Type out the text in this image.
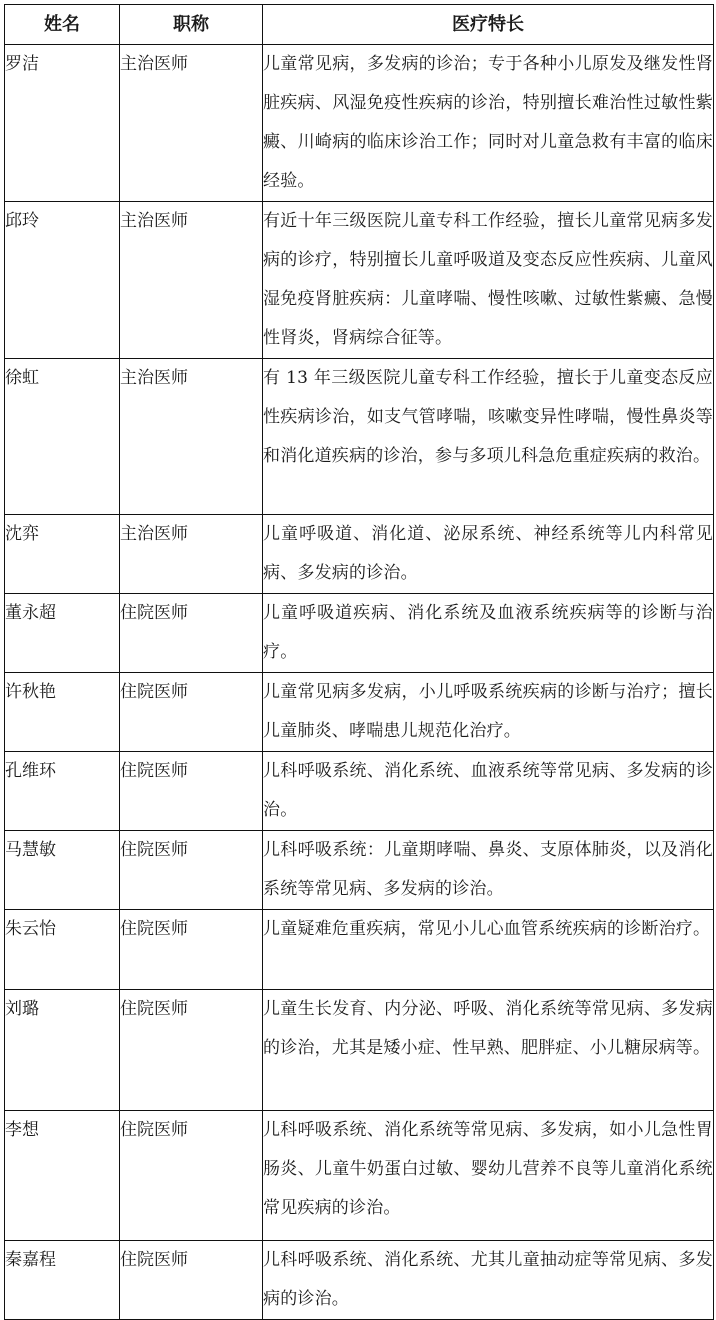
姓名	职称	医疗特长
罗洁	主治医师	儿童常见病，多发病的诊治；专于各种小儿原发及继发性肾脏疾病、风湿免疫性疾病的诊治，特别擅长难治性过敏性紫癜、川崎病的临床诊治工作；同时对儿童急救有丰富的临床经验。
邱玲	主治医师	有近十年三级医院儿童专科工作经验，擅长儿童常见病多发病的诊疗，特别擅长儿童呼吸道及变态反应性疾病、儿童风湿免疫肾脏疾病：儿童哮喘、慢性咳嗽、过敏性紫癜、急慢性肾炎，肾病综合征等。
徐虹	主治医师	有 13 年三级医院儿童专科工作经验，擅长于儿童变态反应性疾病诊治，如支气管哮喘，咳嗽变异性哮喘，慢性鼻炎等和消化道疾病的诊治，参与多项儿科急危重症疾病的救治。
沈弈	主治医师	儿童呼吸道、消化道、泌尿系统、神经系统等儿内科常见病、多发病的诊治。
董永超	住院医师	儿童呼吸道疾病、消化系统及血液系统疾病等的诊断与治疗。
许秋艳	住院医师	儿童常见病多发病，小儿呼吸系统疾病的诊断与治疗；擅长儿童肺炎、哮喘患儿规范化治疗。
孔维环	住院医师	儿科呼吸系统、消化系统、血液系统等常见病、多发病的诊治。
马慧敏	住院医师	儿科呼吸系统：儿童期哮喘、鼻炎、支原体肺炎，以及消化系统等常见病、多发病的诊治。
朱云怡	住院医师	儿童疑难危重疾病，常见小儿心血管系统疾病的诊断治疗。
刘璐	住院医师	儿童生长发育、内分泌、呼吸、消化系统等常见病、多发病的诊治，尤其是矮小症、性早熟、肥胖症、小儿糖尿病等。
李想	住院医师	儿科呼吸系统、消化系统等常见病、多发病，如小儿急性胃肠炎、儿童牛奶蛋白过敏、婴幼儿营养不良等儿童消化系统常见疾病的诊治。
秦嘉程	住院医师	儿科呼吸系统、消化系统、尤其儿童抽动症等常见病、多发病的诊治。
